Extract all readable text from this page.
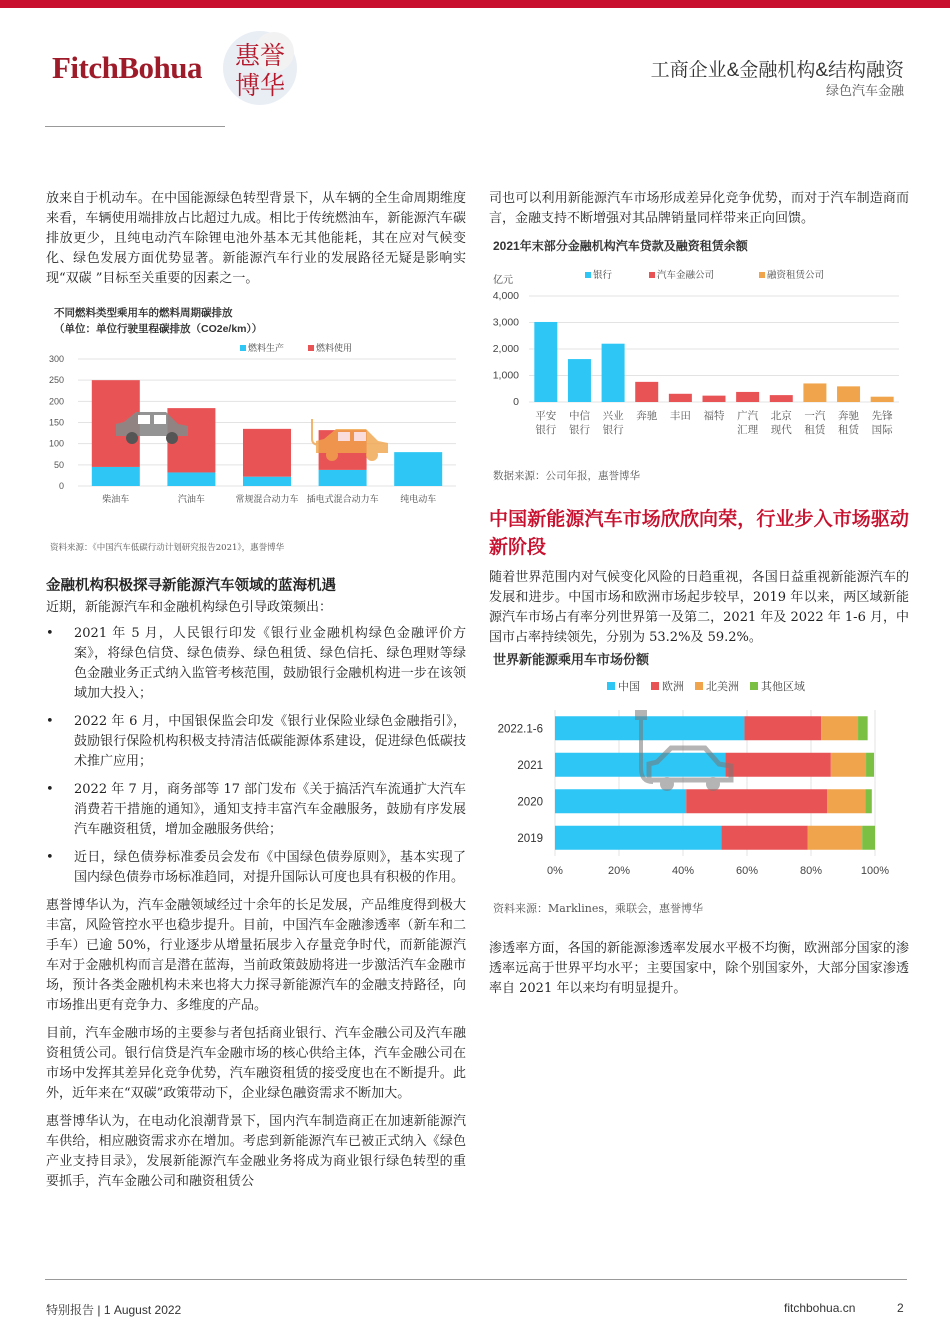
FitchBohua 惠誉
博华
工商企业&金融机构&结构融资
绿色汽车金融

放来自于机动车。在中国能源绿色转型背景下，从车辆的全生命周期维度来看，车辆使用端排放占比超过九成。相比于传统燃油车，新能源汽车碳排放更少，且纯电动汽车除锂电池外基本无其他能耗，其在应对气候变化、绿色发展方面优势显著。新能源汽车行业的发展路径无疑是影响实现“双碳 ”目标至关重要的因素之一。

不同燃料类型乘用车的燃料周期碳排放
（单位：单位行驶里程碳排放（CO2e/km））
0
50
100
150
200
250
300
柴油车	汽油车	常规混合动力车 插电式混合动力车 纯电动车
燃料生产	燃料使用
资料来源：《中国汽车低碳行动计划研究报告2021》，惠誉博华
金融机构积极探寻新能源汽车领域的蓝海机遇

近期，新能源汽车和金融机构绿色引导政策频出：

• 2021 年 5 月，人民银行印发《银行业金融机构绿色金融评价方案》，将绿色信贷、绿色债券、绿色租赁、绿色信托、绿色理财等绿色金融业务正式纳入监管考核范围，鼓励银行金融机构进一步在该领域加大投入；
• 2022 年 6 月，中国银保监会印发《银行业保险业绿色金融指引》，鼓励银行保险机构积极支持清洁低碳能源体系建设，促进绿色低碳技术推广应用；
• 2022 年 7 月，商务部等 17 部门发布《关于搞活汽车流通扩大汽车消费若干措施的通知》，通知支持丰富汽车金融服务，鼓励有序发展汽车融资租赁，增加金融服务供给；
• 近日，绿色债券标准委员会发布《中国绿色债券原则》，基本实现了国内绿色债券市场标准趋同，对提升国际认可度也具有积极的作用。

惠誉博华认为，汽车金融领域经过十余年的长足发展，产品维度得到极大丰富，风险管控水平也稳步提升。目前，中国汽车金融渗透率（新车和二手车）已逾 50%，行业逐步从增量拓展步入存量竞争时代，而新能源汽车对于金融机构而言是潜在蓝海，当前政策鼓励将进一步激活汽车金融市场，预计各类金融机构未来也将大力探寻新能源汽车的金融支持路径，向市场推出更有竞争力、多维度的产品。

目前，汽车金融市场的主要参与者包括商业银行、汽车金融公司及汽车融资租赁公司。银行信贷是汽车金融市场的核心供给主体，汽车金融公司在市场中发挥其差异化竞争优势，汽车融资租赁的接受度也在不断提升。此外，近年来在“双碳”政策带动下，企业绿色融资需求不断加大。

惠誉博华认为，在电动化浪潮背景下，国内汽车制造商正在加速新能源汽车供给，相应融资需求亦在增加。考虑到新能源汽车已被正式纳入《绿色产业支持目录》，发展新能源汽车金融业务将成为商业银行绿色转型的重要抓手，汽车金融公司和融资租赁公

司也可以利用新能源汽车市场形成差异化竞争优势，而对于汽车制造商而言，金融支持不断增强对其品牌销量同样带来正向回馈。

2021年末部分金融机构汽车贷款及融资租赁余额
亿元	银行	汽车金融公司	融资租赁公司
0
1,000
2,000
3,000
4,000
平安
银行
中信
银行
兴业
银行
奔驰 丰田 福特 广汽
汇理
北京
现代
一汽
租赁
奔驰
租赁
先锋
国际
数据来源：公司年报，惠誉博华
中国新能源汽车市场欣欣向荣，行业步入市场驱动新阶段

随着世界范围内对气候变化风险的日趋重视，各国日益重视新能源汽车的发展和进步。中国市场和欧洲市场起步较早，2019 年以来，两区域新能源汽车市场占有率分列世界第一及第二，2021 年及 2022 年 1-6 月，中国市占率持续领先，分别为 53.2%及 59.2%。

世界新能源乘用车市场份额
中国 欧洲 北美洲 其他区域
0%	20%	40%	60%	80%	100%
2022.1-6
2021
2020
2019
资料来源：Marklines，乘联会，惠誉博华

渗透率方面，各国的新能源渗透率发展水平极不均衡，欧洲部分国家的渗透率远高于世界平均水平；主要国家中，除个别国家外，大部分国家渗透率自 2021 年以来均有明显提升。

特别报告 | 1 August 2022	fitchbohua.cn	2
